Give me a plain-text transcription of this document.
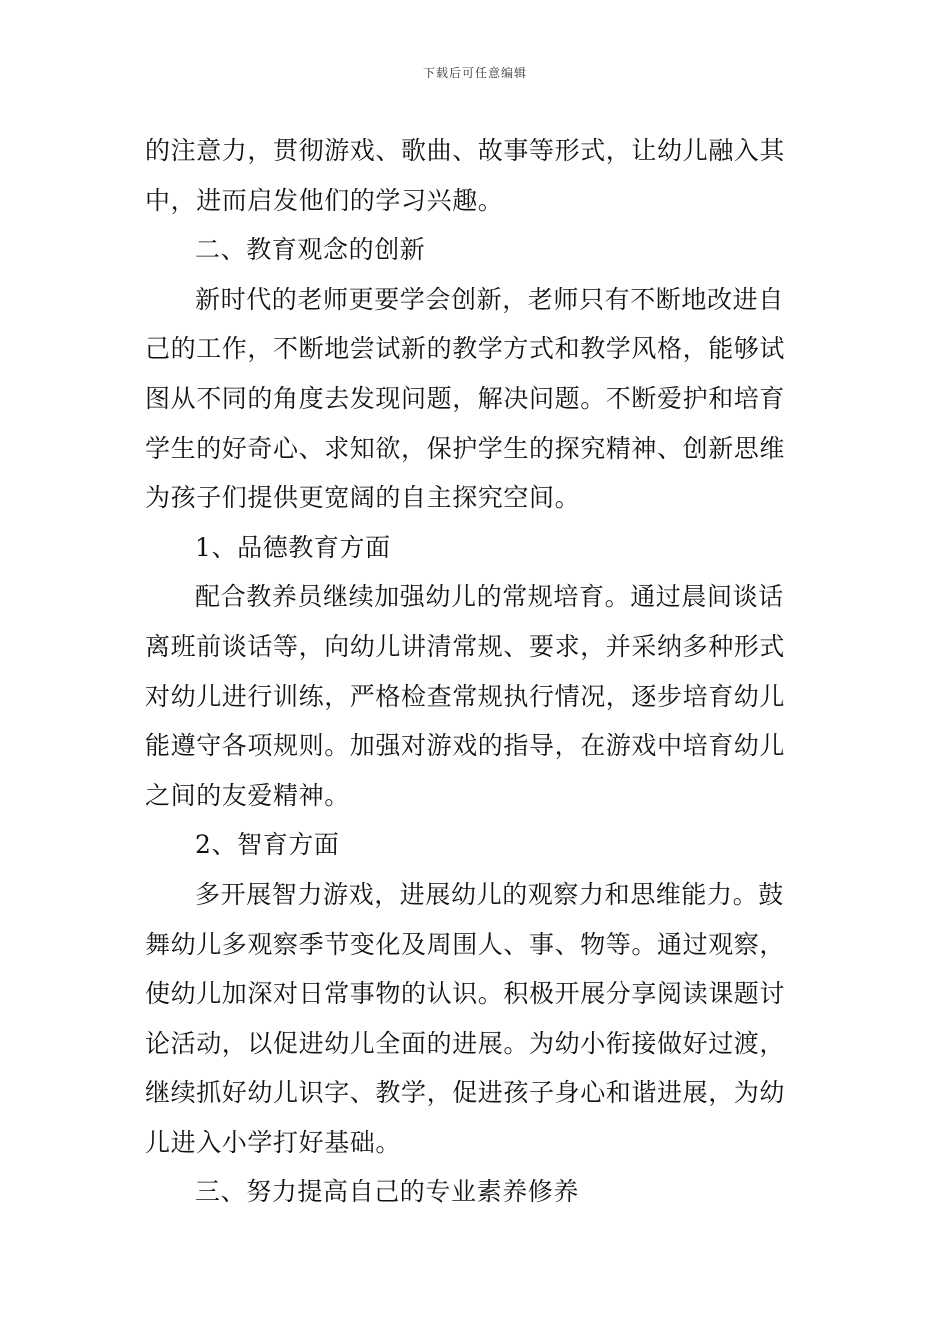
下载后可任意编辑
的注意力，贯彻游戏、歌曲、故事等形式，让幼儿融入其
中，进而启发他们的学习兴趣。
二、教育观念的创新
新时代的老师更要学会创新，老师只有不断地改进自
己的工作，不断地尝试新的教学方式和教学风格，能够试
图从不同的角度去发现问题，解决问题。不断爱护和培育
学生的好奇心、求知欲，保护学生的探究精神、创新思维
为孩子们提供更宽阔的自主探究空间。
1、品德教育方面
配合教养员继续加强幼儿的常规培育。通过晨间谈话
离班前谈话等，向幼儿讲清常规、要求，并采纳多种形式
对幼儿进行训练，严格检查常规执行情况，逐步培育幼儿
能遵守各项规则。加强对游戏的指导，在游戏中培育幼儿
之间的友爱精神。
2、智育方面
多开展智力游戏，进展幼儿的观察力和思维能力。鼓
舞幼儿多观察季节变化及周围人、事、物等。通过观察，
使幼儿加深对日常事物的认识。积极开展分享阅读课题讨
论活动，以促进幼儿全面的进展。为幼小衔接做好过渡，
继续抓好幼儿识字、教学，促进孩子身心和谐进展，为幼
儿进入小学打好基础。
三、努力提高自己的专业素养修养
